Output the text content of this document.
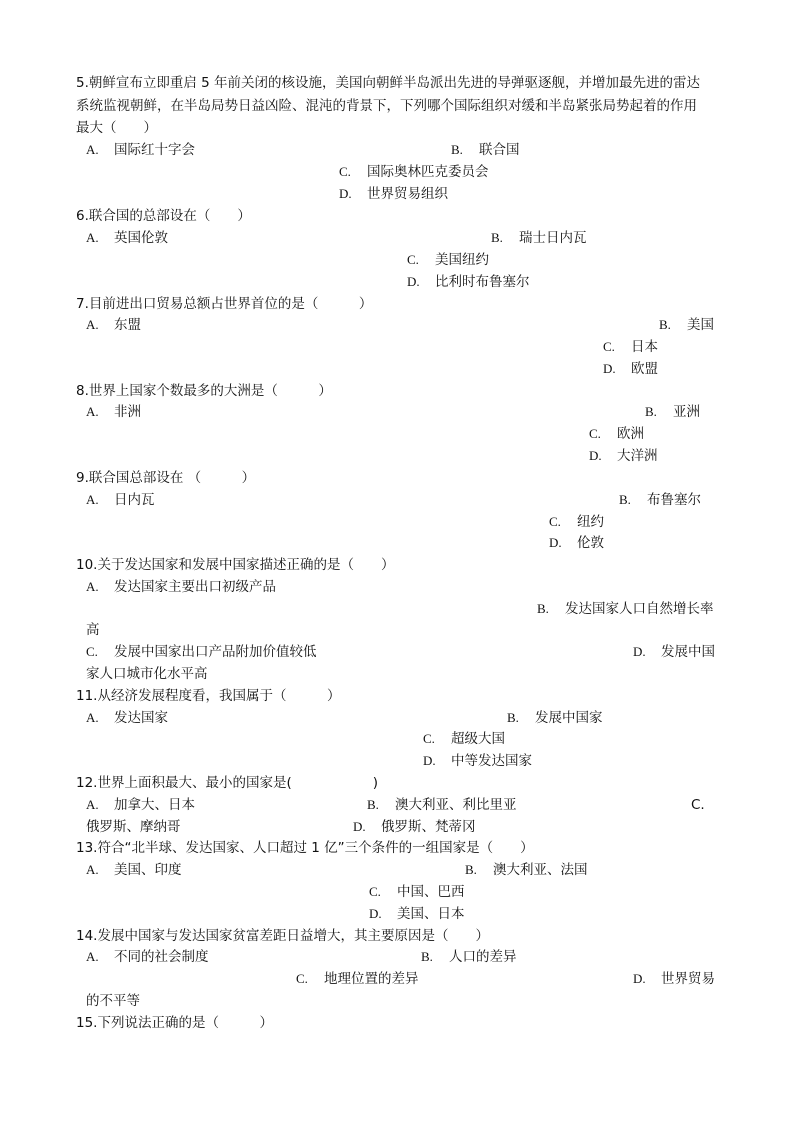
5.朝鲜宣布立即重启 5 年前关闭的核设施，美国向朝鲜半岛派出先进的导弹驱逐舰，并增加最先进的雷达
系统监视朝鲜，在半岛局势日益凶险、混沌的背景下，下列哪个国际组织对缓和半岛紧张局势起着的作用
最大（　　）
A. 国际红十字会	B. 联合国
C. 国际奥林匹克委员会
D. 世界贸易组织
6.联合国的总部设在（　　）
A. 英国伦敦	B. 瑞士日内瓦
C. 美国纽约
D. 比利时布鲁塞尔
7.目前进出口贸易总额占世界首位的是（　　　）
A. 东盟	B. 美国
C. 日本
D. 欧盟
8.世界上国家个数最多的大洲是（　　　）
A. 非洲	B. 亚洲
C. 欧洲
D. 大洋洲
9.联合国总部设在 （　　　）
A. 日内瓦	B. 布鲁塞尔
C. 纽约
D. 伦敦
10.关于发达国家和发展中国家描述正确的是（　　）
A. 发达国家主要出口初级产品
B. 发达国家人口自然增长率
高
C. 发展中国家出口产品附加价值较低	D. 发展中国
家人口城市化水平高
11.从经济发展程度看，我国属于（　　　）
A. 发达国家	B. 发展中国家
C. 超级大国
D. 中等发达国家
12.世界上面积最大、最小的国家是(　　　　　　)
A. 加拿大、日本	B. 澳大利亚、利比里亚	C.
俄罗斯、摩纳哥	D. 俄罗斯、梵蒂冈
13.符合“北半球、发达国家、人口超过 1 亿”三个条件的一组国家是（　　）
A. 美国、印度	B. 澳大利亚、法国
C. 中国、巴西
D. 美国、日本
14.发展中国家与发达国家贫富差距日益增大，其主要原因是（　　）
A. 不同的社会制度	B. 人口的差异
C. 地理位置的差异	D. 世界贸易
的不平等
15.下列说法正确的是（　　　）
